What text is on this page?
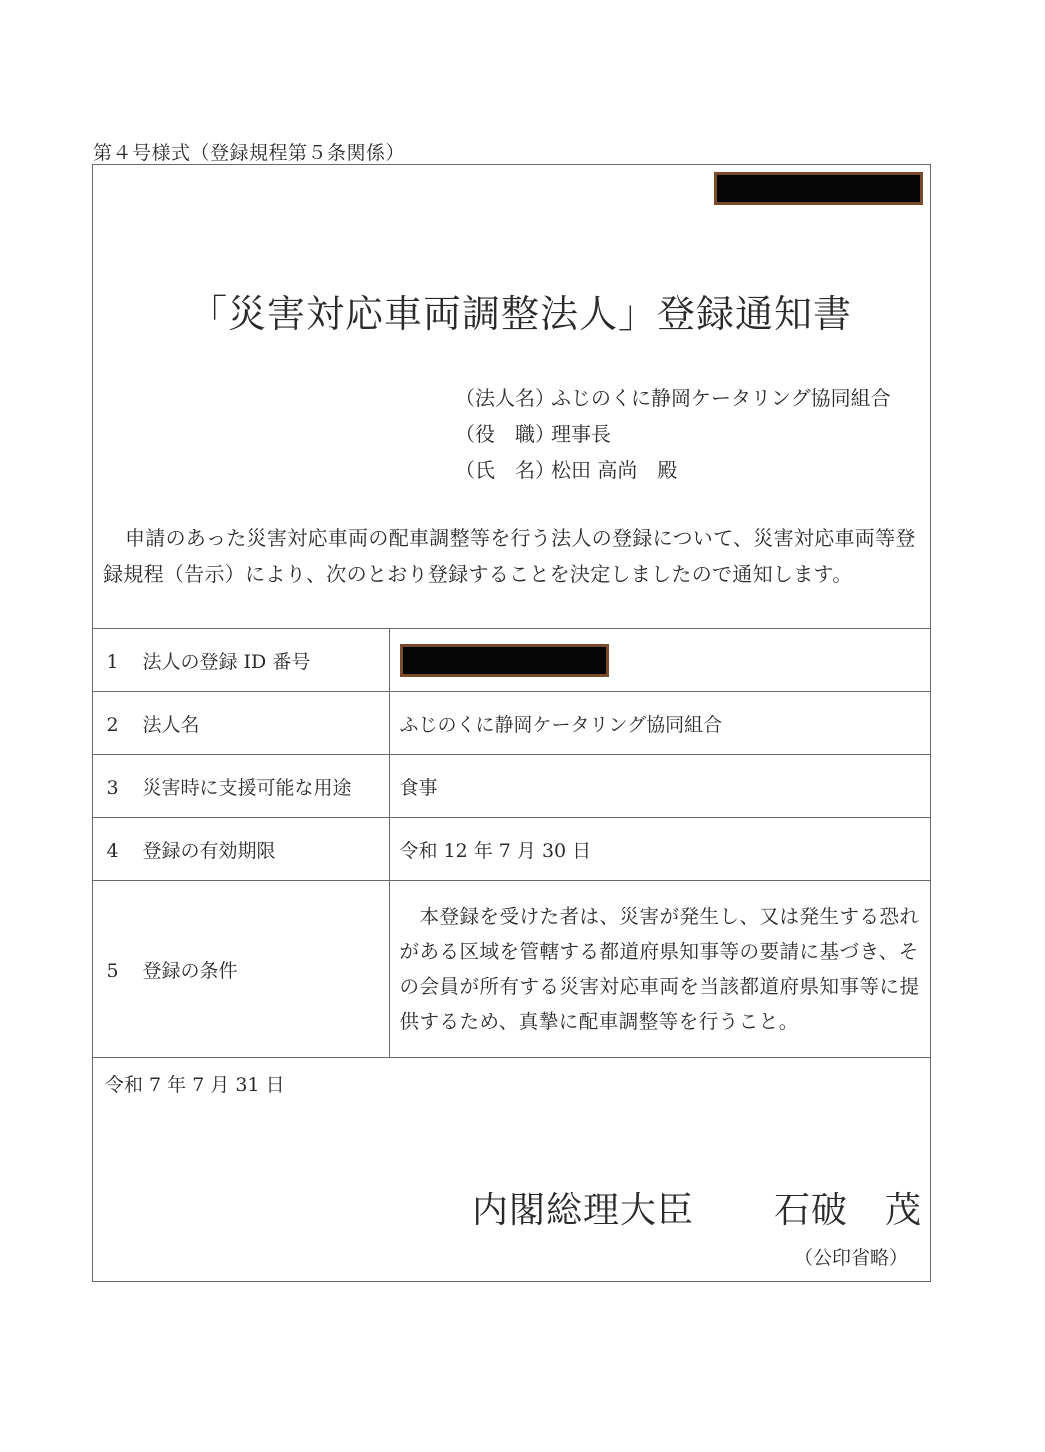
第４号様式（登録規程第５条関係）
「災害対応車両調整法人」登録通知書
（法人名）ふじのくに静岡ケータリング協同組合
（役　職）理事長
（氏　名）松田 高尚　殿
申請のあった災害対応車両の配車調整等を行う法人の登録について、災害対応車両等登録規程（告示）により、次のとおり登録することを決定しましたので通知します。
1 法人の登録 ID 番号	
2 法人名	ふじのくに静岡ケータリング協同組合
3 災害時に支援可能な用途	食事
4 登録の有効期限	令和 12 年 7 月 30 日
5 登録の条件	本登録を受けた者は、災害が発生し、又は発生する恐れがある区域を管轄する都道府県知事等の要請に基づき、その会員が所有する災害対応車両を当該都道府県知事等に提供するため、真摯に配車調整等を行うこと。
令和 7 年 7 月 31 日
内閣総理大臣 石破　茂
（公印省略）
